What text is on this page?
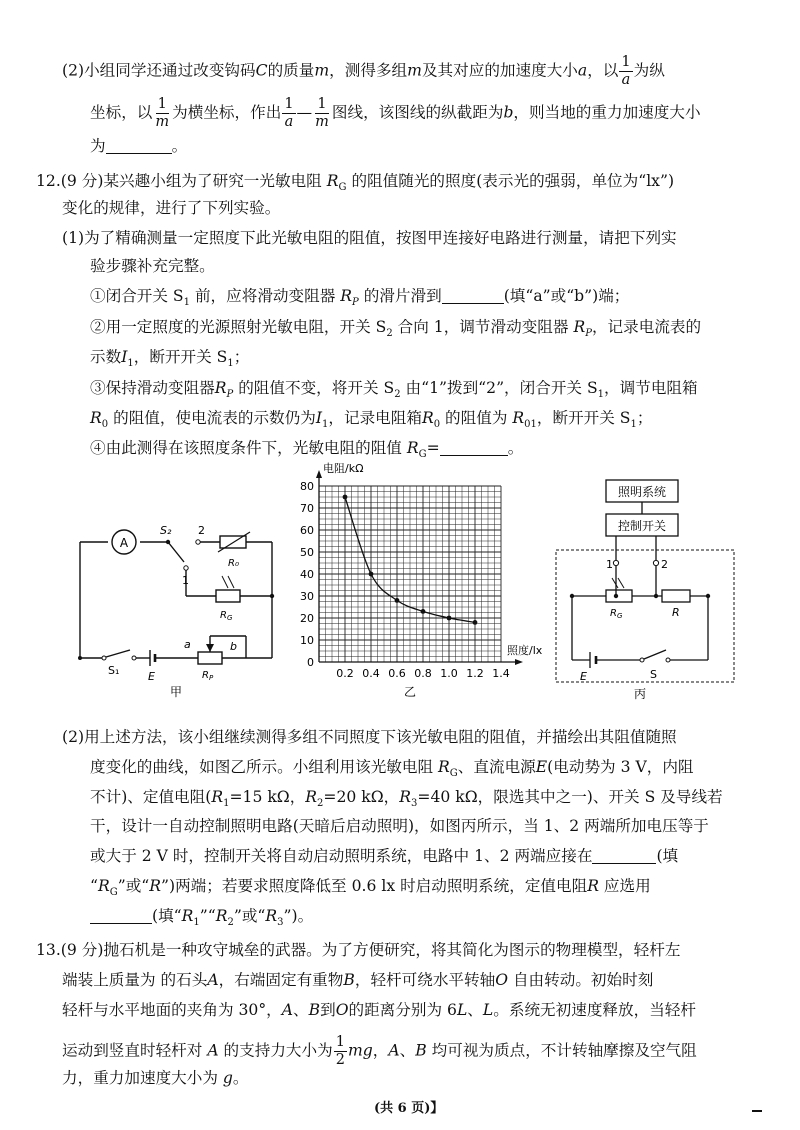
(2)小组同学还通过改变钩码C的质量m，测得多组m及其对应的加速度大小a，以 $\frac{1}{a}$ 为纵
坐标，以 $\frac{1}{m}$ 为横坐标，作出 $\frac{1}{a}$ — $\frac{1}{m}$ 图线，该图线的纵截距为b，则当地的重力加速度大小
为	。
12.(9 分)某兴趣小组为了研究一光敏电阻 $R_G$ 的阻值随光的照度(表示光的强弱，单位为“lx”)
变化的规律，进行了下列实验。
(1)为了精确测量一定照度下此光敏电阻的阻值，按图甲连接好电路进行测量，请把下列实
验步骤补充完整。
①闭合开关 $S_1$ 前，应将滑动变阻器 $R_P$ 的滑片滑到	(填“a”或“b”)端；
②用一定照度的光源照射光敏电阻，开关 $S_2$ 合向 1，调节滑动变阻器 $R_P$，记录电流表的
示数$I_1$，断开开关 $S_1$；
③保持滑动变阻器$R_P$ 的阻值不变，将开关 $S_2$ 由“1”拨到“2”，闭合开关 $S_1$，调节电阻箱
$R_0$ 的阻值，使电流表的示数仍为$I_1$，记录电阻箱$R_0$ 的阻值为 $R_{01}$，断开开关 $S_1$；
④由此测得在该照度条件下，光敏电阻的阻值 $R_G=$	。
A
S₂ 2
1
R₀
$R_G$
S₁	E
a	b
$R_P$
甲
0
10
20
30
40
50
60
70
80
0.2 0.4 0.6 0.8 1.0 1.2 1.4
电阻/kΩ
照度/lx
乙
照明系统
控制开关
1	2
$R_G$	R
E	S
丙
(2)用上述方法，该小组继续测得多组不同照度下该光敏电阻的阻值，并描绘出其阻值随照
度变化的曲线，如图乙所示。小组利用该光敏电阻 $R_G$、直流电源E(电动势为 3 V，内阻
不计)、定值电阻($R_1=15$ kΩ，$R_2=20$ kΩ，$R_3=40$ kΩ，限选其中之一)、开关 S 及导线若
干，设计一自动控制照明电路(天暗后启动照明)，如图丙所示，当 1、2 两端所加电压等于
或大于 2 V 时，控制开关将自动启动照明系统，电路中 1、2 两端应接在	(填
“$R_G$”或“R”)两端；若要求照度降低至 0.6 lx 时启动照明系统，定值电阻R 应选用
(填“$R_1”“R_2$”或“$R_3$”)。
13.(9 分)抛石机是一种攻守城垒的武器。为了方便研究，将其简化为图示的物理模型，轻杆左
端装上质量为 的石头A，右端固定有重物B，轻杆可绕水平转轴O 自由转动。初始时刻
轻杆与水平地面的夹角为 30°，A、B到O的距离分别为 6L、L。系统无初速度释放，当轻杆
运动到竖直时轻杆对 A 的支持力大小为 $\frac{1}{2}$ mg，A、B 均可视为质点，不计转轴摩擦及空气阻
力，重力加速度大小为 g。
(共 6 页)】
